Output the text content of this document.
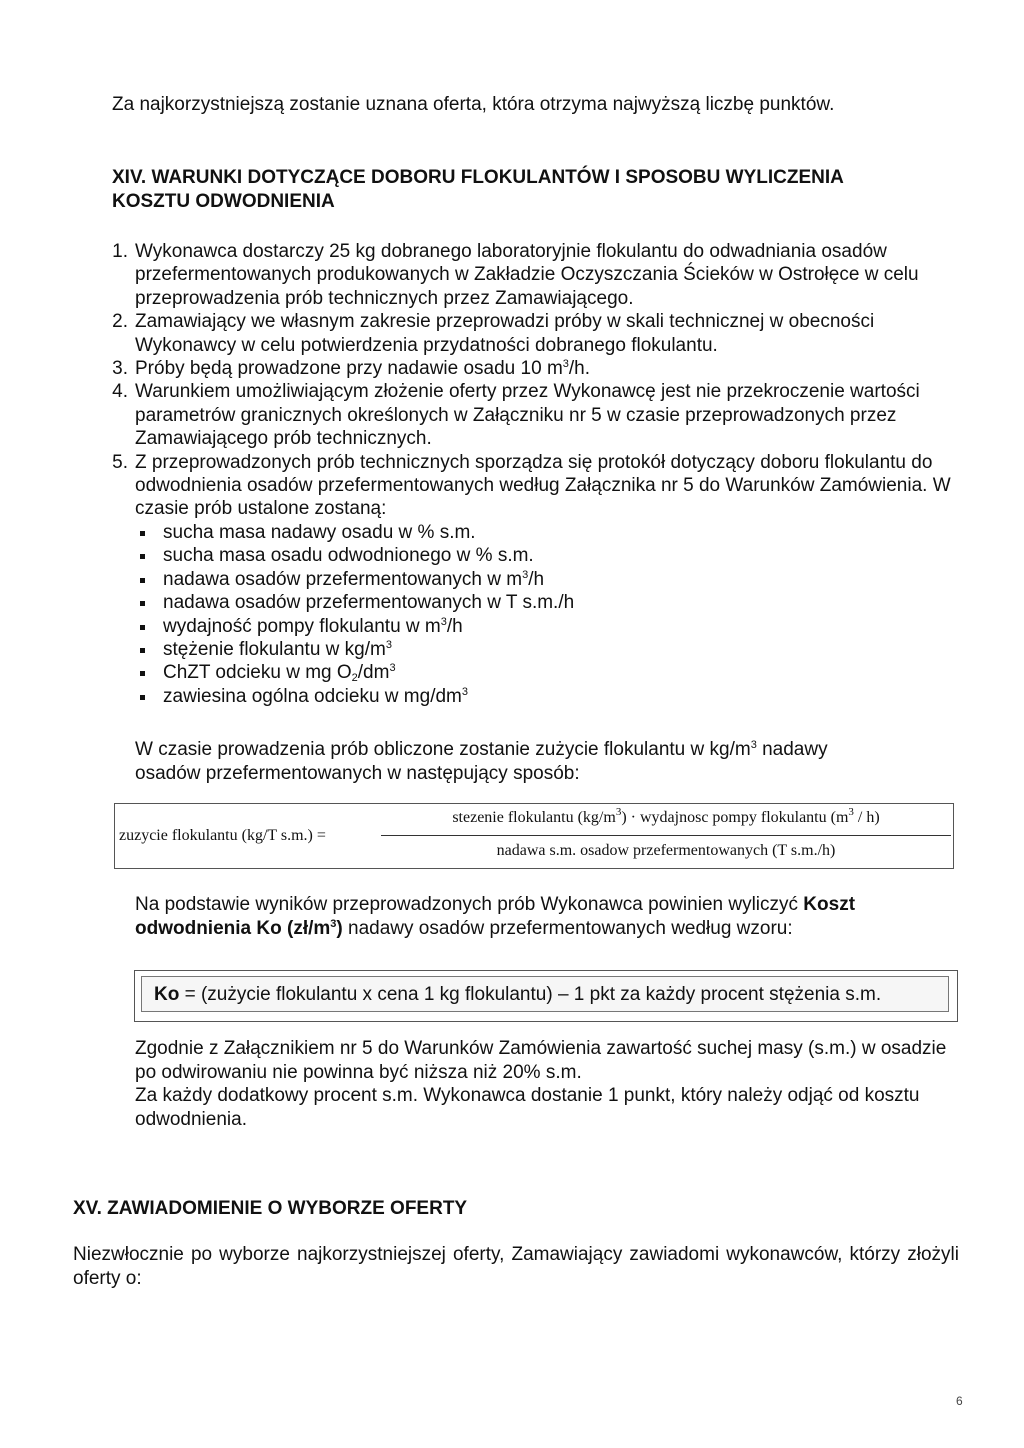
Za najkorzystniejszą zostanie uznana oferta, która otrzyma najwyższą liczbę punktów.

XIV. WARUNKI DOTYCZĄCE DOBORU FLOKULANTÓW I SPOSOBU WYLICZENIA
KOSZTU ODWODNIENIA
1. Wykonawca dostarczy 25 kg dobranego laboratoryjnie flokulantu do odwadniania osadów przefermentowanych produkowanych w Zakładzie Oczyszczania Ścieków w Ostrołęce w celu przeprowadzenia prób technicznych przez Zamawiającego.
2. Zamawiający we własnym zakresie przeprowadzi próby w skali technicznej w obecności Wykonawcy w celu potwierdzenia przydatności dobranego flokulantu.
3. Próby będą prowadzone przy nadawie osadu 10 $m^3/h$.
4. Warunkiem umożliwiającym złożenie oferty przez Wykonawcę jest nie przekroczenie wartości parametrów granicznych określonych w Załączniku nr 5 w czasie przeprowadzonych przez Zamawiającego prób technicznych.
5. Z przeprowadzonych prób technicznych sporządza się protokół dotyczący doboru flokulantu do odwodnienia osadów przefermentowanych według Załącznika nr 5 do Warunków Zamówienia. W czasie prób ustalone zostaną:
sucha masa nadawy osadu w % s.m.
sucha masa osadu odwodnionego w % s.m.
nadawa osadów przefermentowanych w $m^3/h$
nadawa osadów przefermentowanych w T s.m./h
wydajność pompy flokulantu w $m^3/h$
stężenie flokulantu w $kg/m^3$
ChZT odcieku w mg $O_2/dm^3$
zawiesina ogólna odcieku w $mg/dm^3$

W czasie prowadzenia prób obliczone zostanie zużycie flokulantu w $kg/m^3$ nadawy osadów przefermentowanych w następujący sposób:

zuzycie flokulantu (kg/T s.m.) =
stezenie flokulantu $(kg/m^3)$ · wydajnosc pompy flokulantu $(m^3 / h)$
nadawa s.m. osadow przefermentowanych (T s.m./h)

Na podstawie wyników przeprowadzonych prób Wykonawca powinien wyliczyć Koszt odwodnienia Ko $(zł/m^3)$ nadawy osadów przefermentowanych według wzoru:

Ko = (zużycie flokulantu x cena 1 kg flokulantu) – 1 pkt za każdy procent stężenia s.m.
Zgodnie z Załącznikiem nr 5 do Warunków Zamówienia zawartość suchej masy (s.m.) w osadzie po odwirowaniu nie powinna być niższa niż 20% s.m.
Za każdy dodatkowy procent s.m. Wykonawca dostanie 1 punkt, który należy odjąć od kosztu odwodnienia.
XV. ZAWIADOMIENIE O WYBORZE OFERTY

Niezwłocznie po wyborze najkorzystniejszej oferty, Zamawiający zawiadomi wykonawców, którzy złożyli oferty o:

6
